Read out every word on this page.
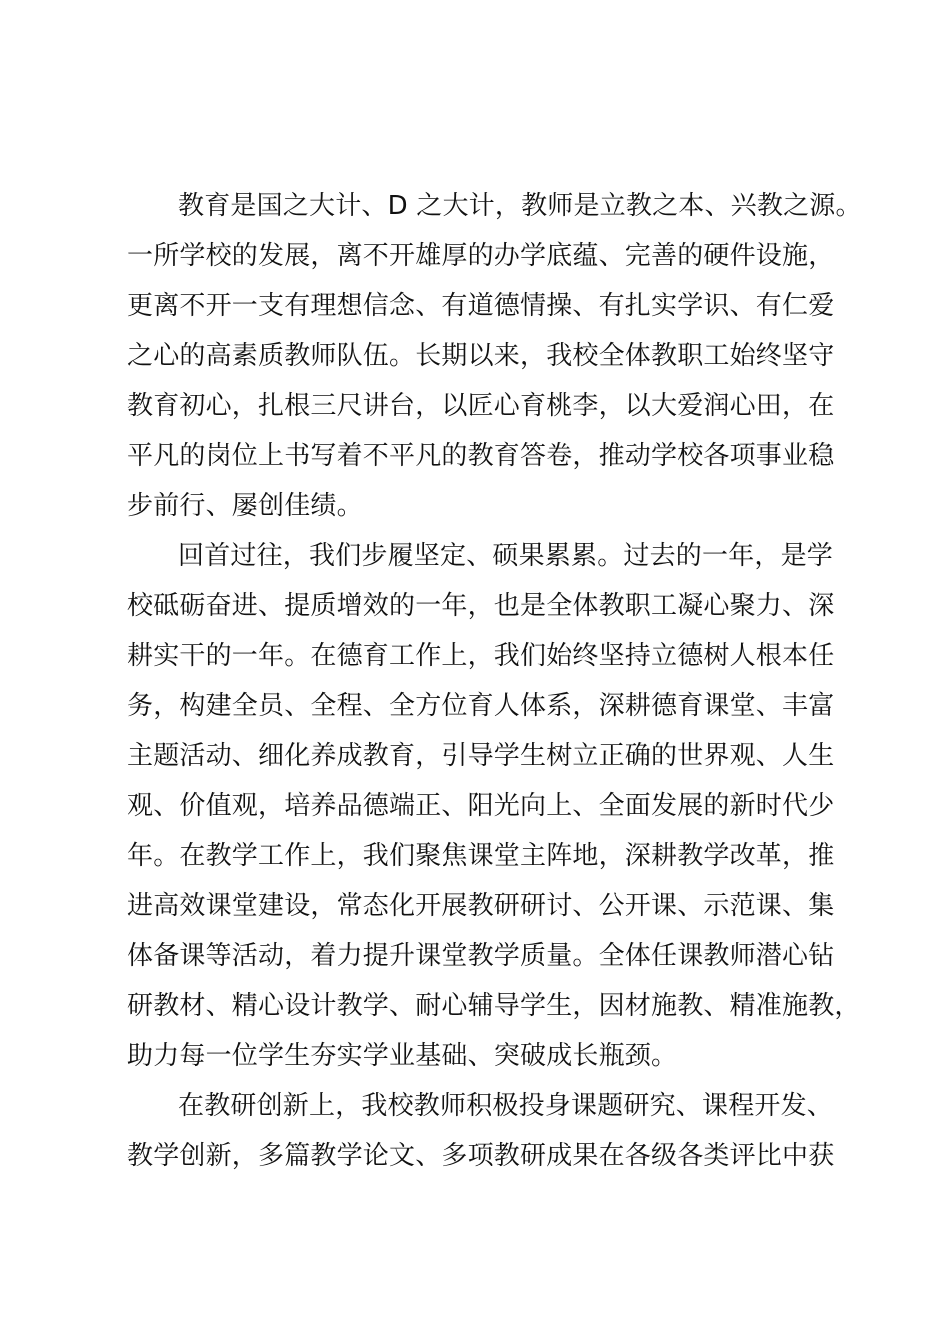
教育是国之大计、D 之大计，教师是立教之本、兴教之源。
一所学校的发展，离不开雄厚的办学底蕴、完善的硬件设施，
更离不开一支有理想信念、有道德情操、有扎实学识、有仁爱
之心的高素质教师队伍。长期以来，我校全体教职工始终坚守
教育初心，扎根三尺讲台，以匠心育桃李，以大爱润心田，在
平凡的岗位上书写着不平凡的教育答卷，推动学校各项事业稳
步前行、屡创佳绩。
回首过往，我们步履坚定、硕果累累。过去的一年，是学
校砥砺奋进、提质增效的一年，也是全体教职工凝心聚力、深
耕实干的一年。在德育工作上，我们始终坚持立德树人根本任
务，构建全员、全程、全方位育人体系，深耕德育课堂、丰富
主题活动、细化养成教育，引导学生树立正确的世界观、人生
观、价值观，培养品德端正、阳光向上、全面发展的新时代少
年。在教学工作上，我们聚焦课堂主阵地，深耕教学改革，推
进高效课堂建设，常态化开展教研研讨、公开课、示范课、集
体备课等活动，着力提升课堂教学质量。全体任课教师潜心钻
研教材、精心设计教学、耐心辅导学生，因材施教、精准施教，
助力每一位学生夯实学业基础、突破成长瓶颈。
在教研创新上，我校教师积极投身课题研究、课程开发、
教学创新，多篇教学论文、多项教研成果在各级各类评比中获
